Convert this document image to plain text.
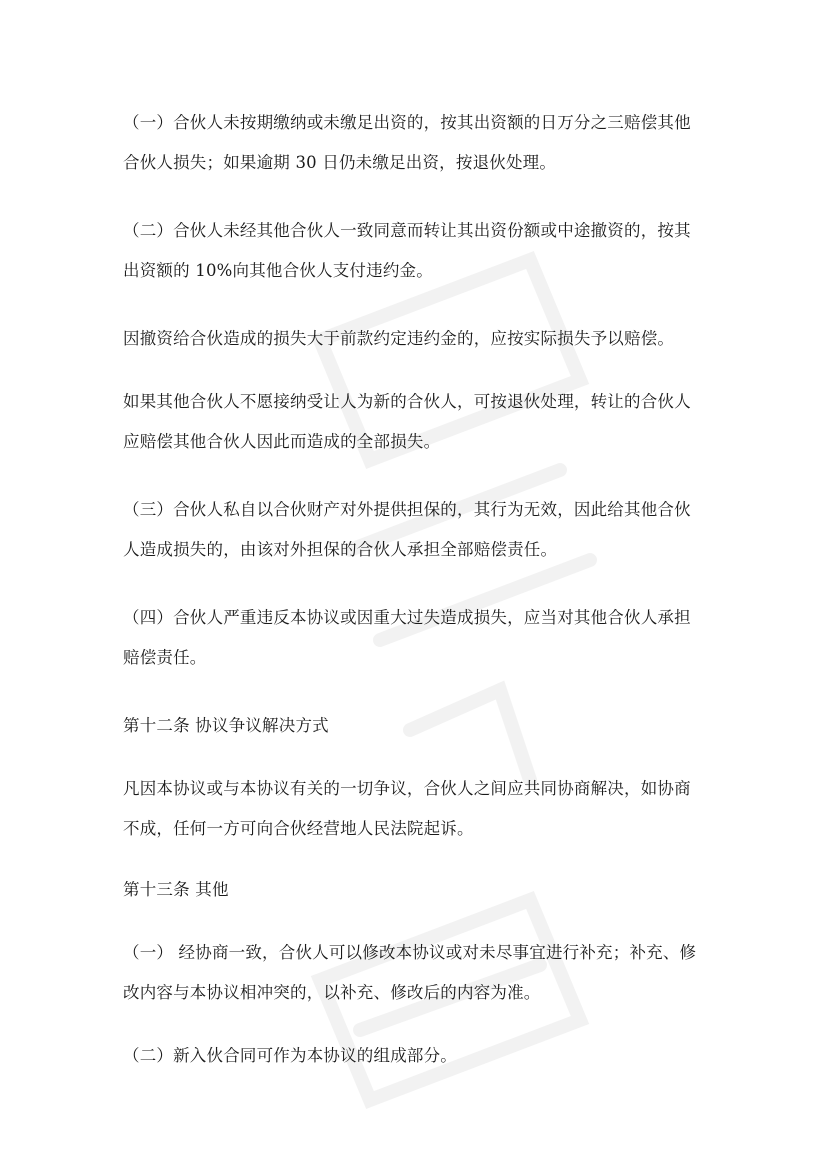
（一）合伙人未按期缴纳或未缴足出资的，按其出资额的日万分之三赔偿其他
合伙人损失；如果逾期 30 日仍未缴足出资，按退伙处理。

（二）合伙人未经其他合伙人一致同意而转让其出资份额或中途撤资的，按其
出资额的 10%向其他合伙人支付违约金。

因撤资给合伙造成的损失大于前款约定违约金的，应按实际损失予以赔偿。

如果其他合伙人不愿接纳受让人为新的合伙人，可按退伙处理，转让的合伙人
应赔偿其他合伙人因此而造成的全部损失。

（三）合伙人私自以合伙财产对外提供担保的，其行为无效，因此给其他合伙
人造成损失的，由该对外担保的合伙人承担全部赔偿责任。

（四）合伙人严重违反本协议或因重大过失造成损失，应当对其他合伙人承担
赔偿责任。

第十二条 协议争议解决方式

凡因本协议或与本协议有关的一切争议，合伙人之间应共同协商解决，如协商
不成，任何一方可向合伙经营地人民法院起诉。

第十三条 其他

（一） 经协商一致，合伙人可以修改本协议或对未尽事宜进行补充；补充、修
改内容与本协议相冲突的，以补充、修改后的内容为准。

（二）新入伙合同可作为本协议的组成部分。
